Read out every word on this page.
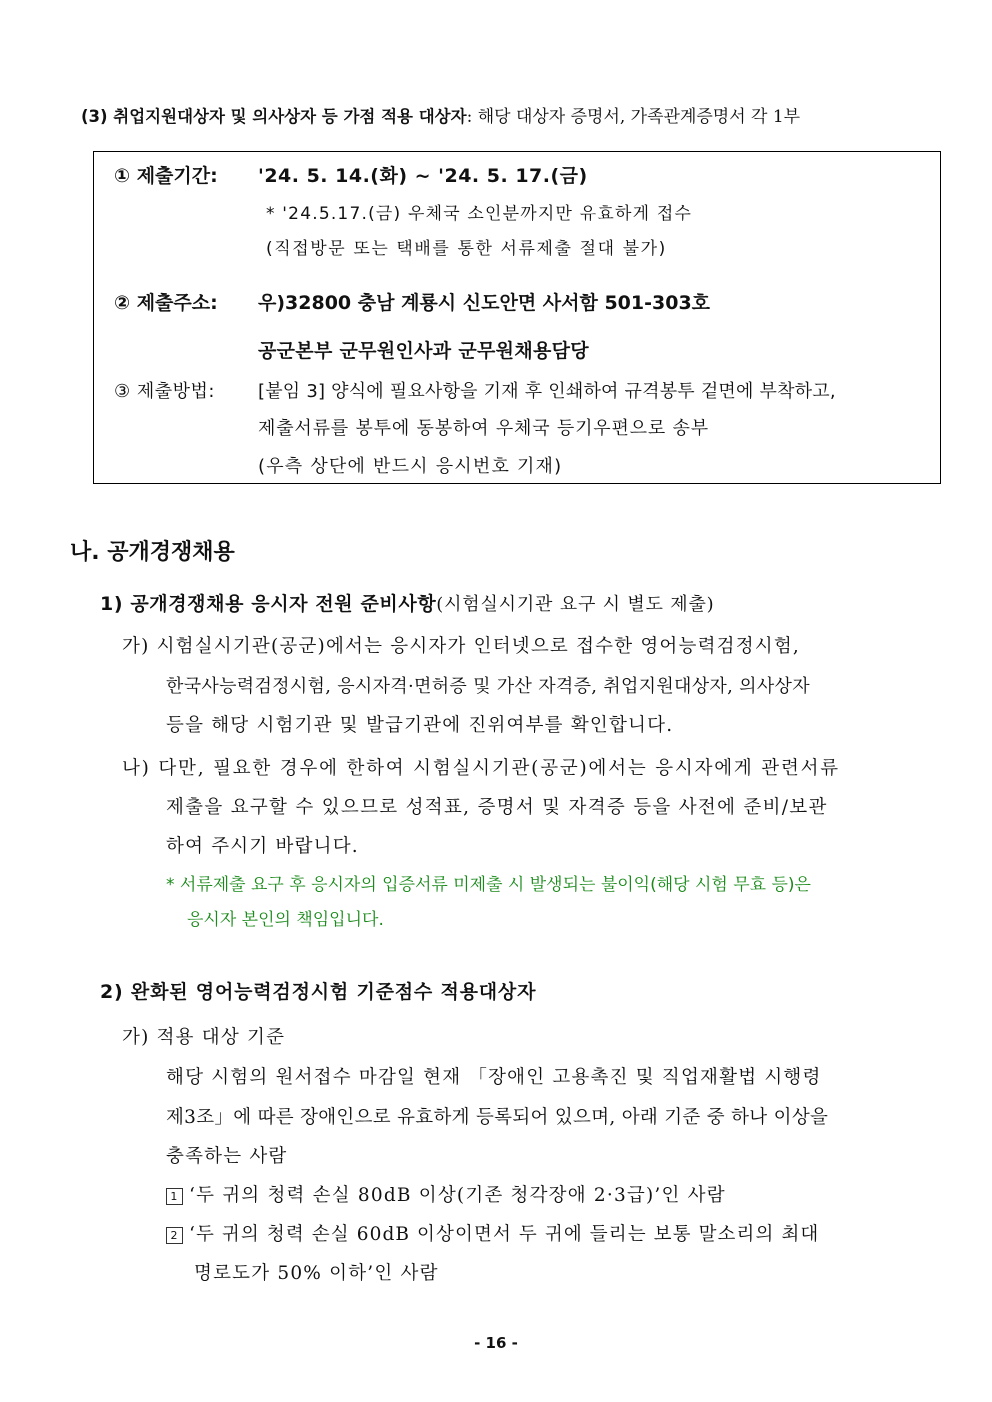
(3) 취업지원대상자 및 의사상자 등 가점 적용 대상자: 해당 대상자 증명서, 가족관계증명서 각 1부
① 제출기간: '24. 5. 14.(화) ~ '24. 5. 17.(금)
* '24.5.17.(금) 우체국 소인분까지만 유효하게 접수
(직접방문 또는 택배를 통한 서류제출 절대 불가)
② 제출주소: 우)32800 충남 계룡시 신도안면 사서함 501-303호
공군본부 군무원인사과 군무원채용담당
③ 제출방법: [붙임 3] 양식에 필요사항을 기재 후 인쇄하여 규격봉투 겉면에 부착하고,
제출서류를 봉투에 동봉하여 우체국 등기우편으로 송부
(우측 상단에 반드시 응시번호 기재)
나. 공개경쟁채용
1) 공개경쟁채용 응시자 전원 준비사항(시험실시기관 요구 시 별도 제출)
가) 시험실시기관(공군)에서는 응시자가 인터넷으로 접수한 영어능력검정시험,
한국사능력검정시험, 응시자격·면허증 및 가산 자격증, 취업지원대상자, 의사상자
등을 해당 시험기관 및 발급기관에 진위여부를 확인합니다.
나) 다만, 필요한 경우에 한하여 시험실시기관(공군)에서는 응시자에게 관련서류
제출을 요구할 수 있으므로 성적표, 증명서 및 자격증 등을 사전에 준비/보관
하여 주시기 바랍니다.
* 서류제출 요구 후 응시자의 입증서류 미제출 시 발생되는 불이익(해당 시험 무효 등)은
응시자 본인의 책임입니다.
2) 완화된 영어능력검정시험 기준점수 적용대상자
가) 적용 대상 기준
해당 시험의 원서접수 마감일 현재 「장애인 고용촉진 및 직업재활법 시행령
제3조」에 따른 장애인으로 유효하게 등록되어 있으며, 아래 기준 중 하나 이상을
충족하는 사람
1 ‘두 귀의 청력 손실 80dB 이상(기존 청각장애 2·3급)’인 사람
2 ‘두 귀의 청력 손실 60dB 이상이면서 두 귀에 들리는 보통 말소리의 최대
명로도가 50% 이하’인 사람
- 16 -
